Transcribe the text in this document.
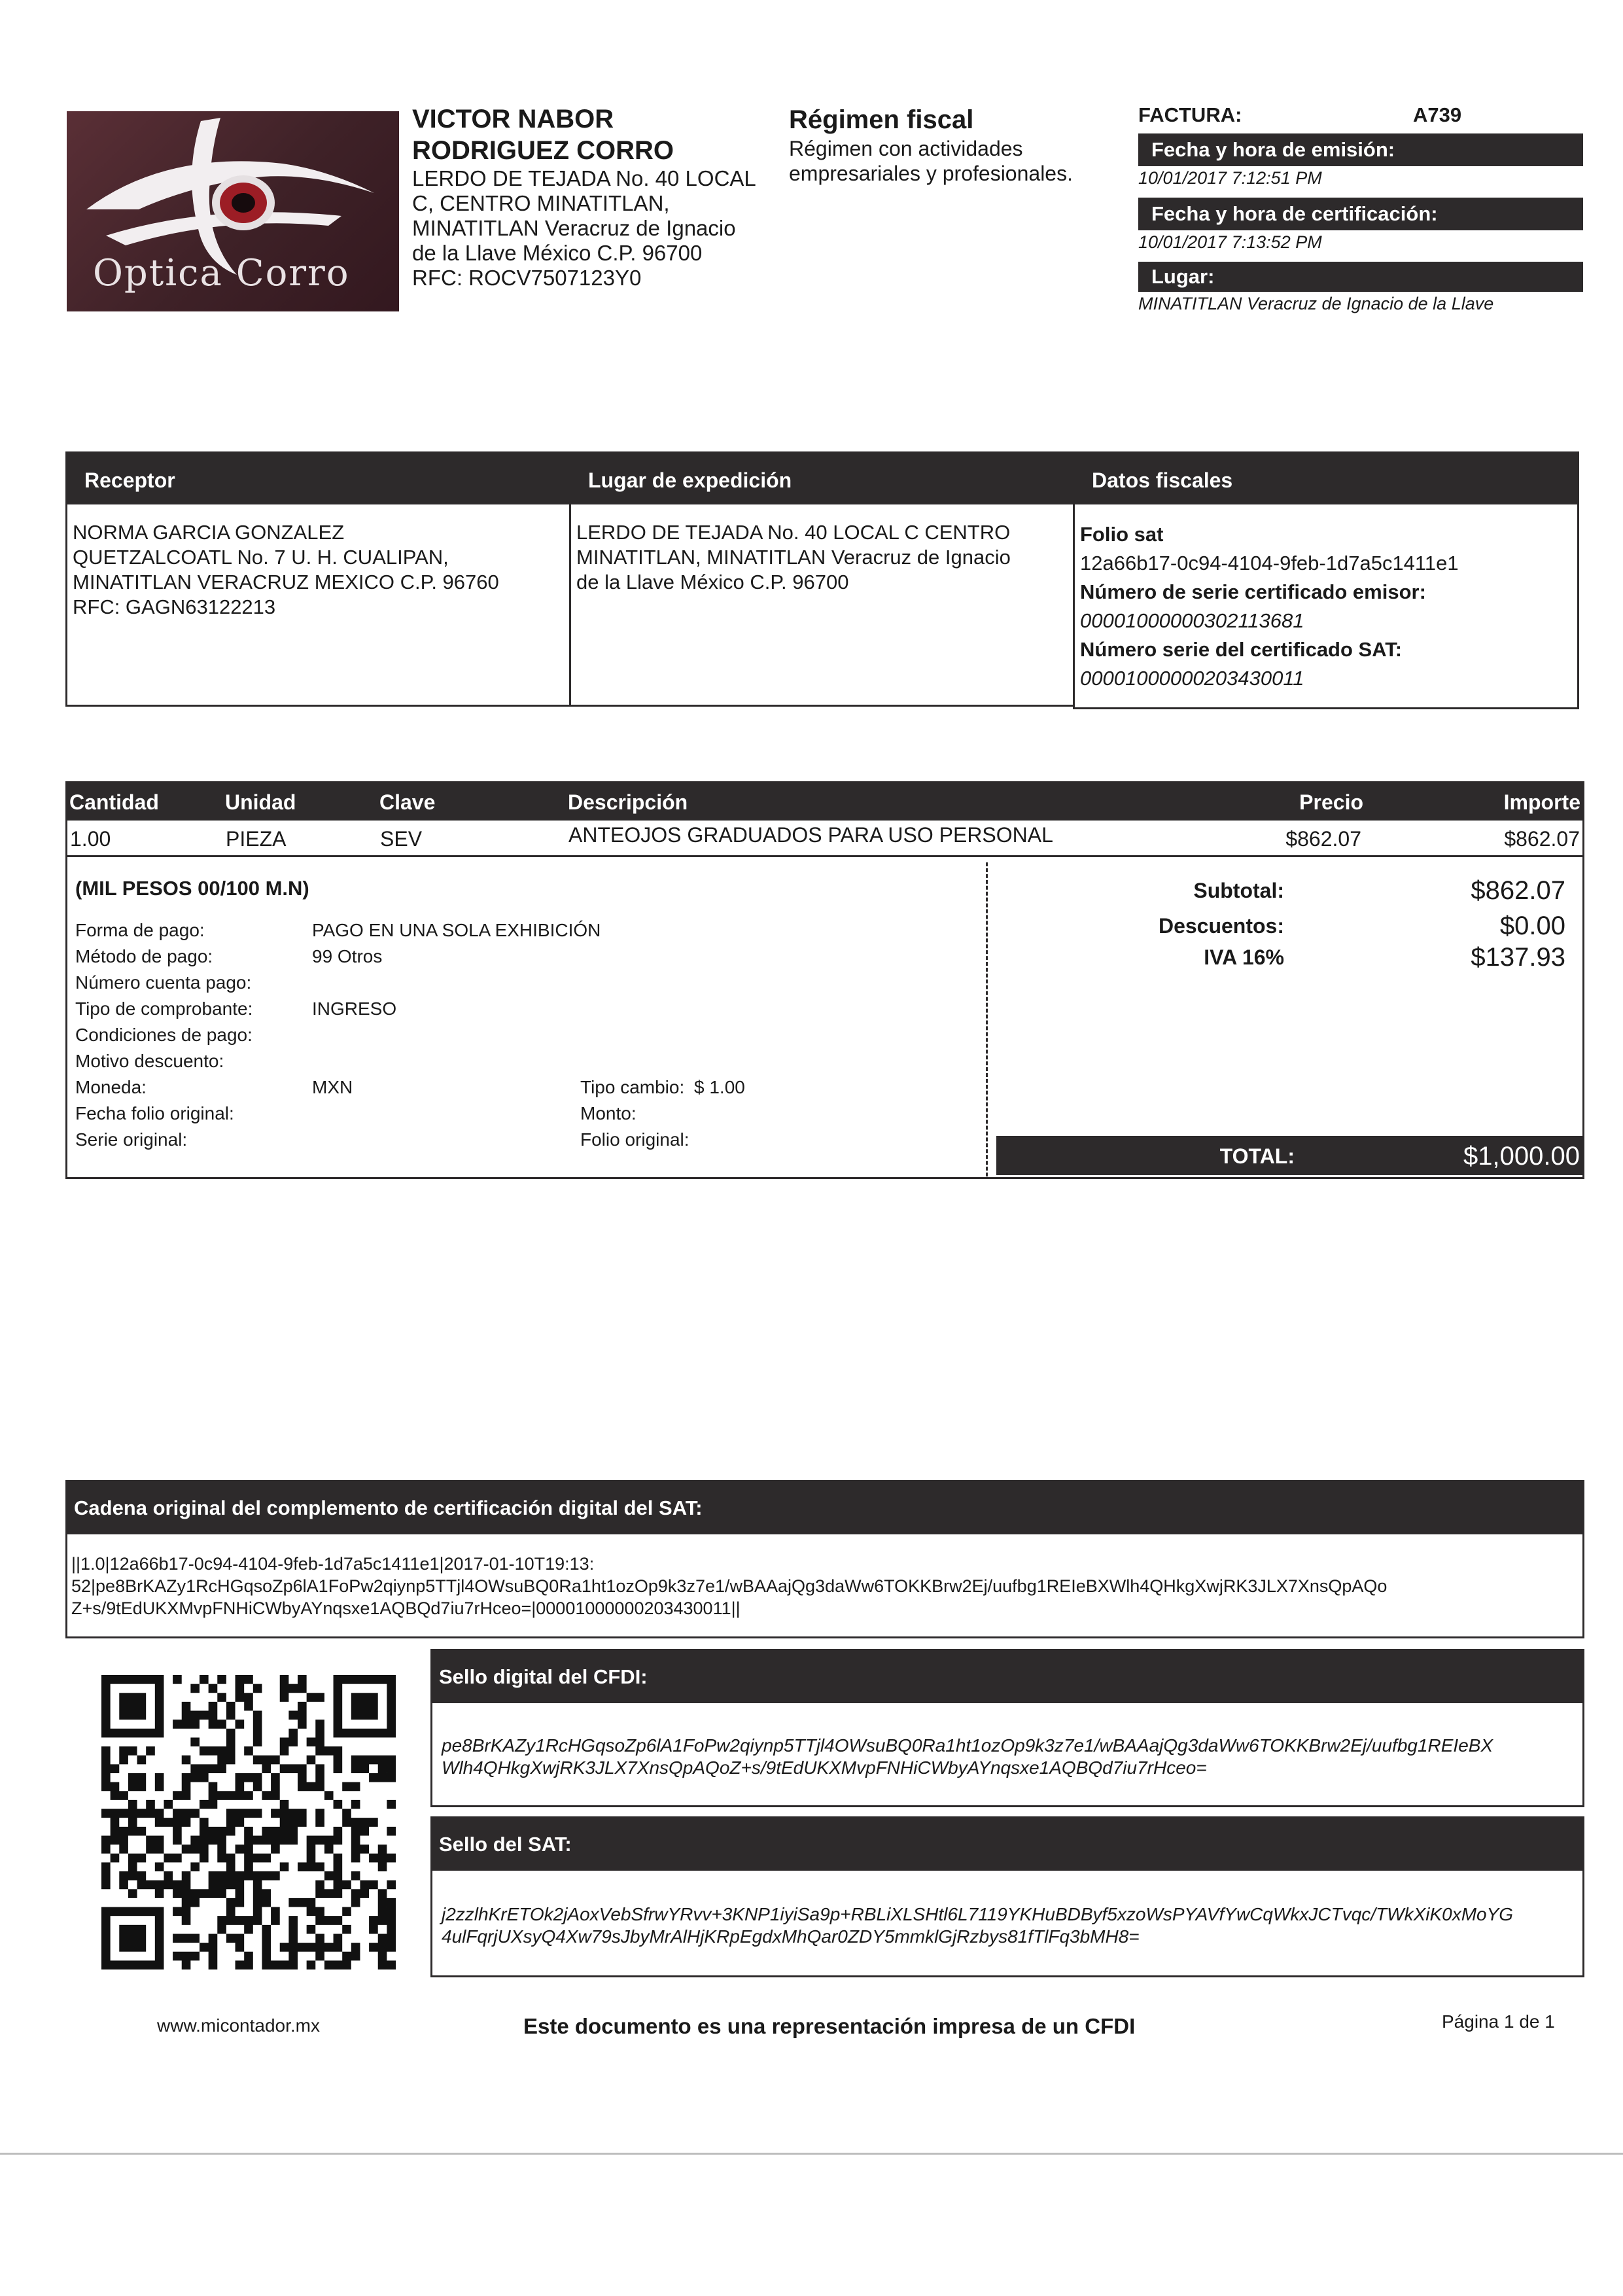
Optica Corro
VICTOR NABOR
RODRIGUEZ CORRO
LERDO DE TEJADA No. 40 LOCAL
C, CENTRO MINATITLAN,
MINATITLAN Veracruz de Ignacio
de la Llave México C.P. 96700
RFC: ROCV7507123Y0
Régimen fiscal
Régimen con actividades
empresariales y profesionales.
FACTURA:	A739
Fecha y hora de emisión:
10/01/2017 7:12:51 PM
Fecha y hora de certificación:
10/01/2017 7:13:52 PM
Lugar:
MINATITLAN Veracruz de Ignacio de la Llave
Receptor
NORMA GARCIA GONZALEZ
QUETZALCOATL No. 7 U. H. CUALIPAN,
MINATITLAN VERACRUZ MEXICO C.P. 96760
RFC: GAGN63122213
Lugar de expedición
LERDO DE TEJADA No. 40 LOCAL C CENTRO
MINATITLAN, MINATITLAN Veracruz de Ignacio
de la Llave México C.P. 96700
Datos fiscales
Folio sat
12a66b17-0c94-4104-9feb-1d7a5c1411e1
Número de serie certificado emisor:
00001000000302113681
Número serie del certificado SAT:
00001000000203430011
Cantidad	Unidad	Clave	Descripción	Precio	Importe
1.00	PIEZA	SEV	ANTEOJOS GRADUADOS PARA USO PERSONAL	$862.07	$862.07
(MIL PESOS 00/100 M.N)
Forma de pago:	PAGO EN UNA SOLA EXHIBICIÓN
Método de pago:	99 Otros
Número cuenta pago:
Tipo de comprobante:	INGRESO
Condiciones de pago:
Motivo descuento:
Moneda:	MXN	Tipo cambio: $ 1.00
Fecha folio original:	Monto:
Serie original:	Folio original:
Subtotal:	$862.07
Descuentos:	$0.00
IVA 16%	$137.93
TOTAL:	$1,000.00
Cadena original del complemento de certificación digital del SAT:
||1.0|12a66b17-0c94-4104-9feb-1d7a5c1411e1|2017-01-10T19:13:
52|pe8BrKAZy1RcHGqsoZp6lA1FoPw2qiynp5TTjl4OWsuBQ0Ra1ht1ozOp9k3z7e1/wBAAajQg3daWw6TOKKBrw2Ej/uufbg1REIeBXWlh4QHkgXwjRK3JLX7XnsQpAQo
Z+s/9tEdUKXMvpFNHiCWbyAYnqsxe1AQBQd7iu7rHceo=|00001000000203430011||
Sello digital del CFDI:
pe8BrKAZy1RcHGqsoZp6lA1FoPw2qiynp5TTjl4OWsuBQ0Ra1ht1ozOp9k3z7e1/wBAAajQg3daWw6TOKKBrw2Ej/uufbg1REIeBX
Wlh4QHkgXwjRK3JLX7XnsQpAQoZ+s/9tEdUKXMvpFNHiCWbyAYnqsxe1AQBQd7iu7rHceo=
Sello del SAT:
j2zzlhKrETOk2jAoxVebSfrwYRvv+3KNP1iyiSa9p+RBLiXLSHtl6L7119YKHuBDByf5xzoWsPYAVfYwCqWkxJCTvqc/TWkXiK0xMoYG
4ulFqrjUXsyQ4Xw79sJbyMrAlHjKRpEgdxMhQar0ZDY5mmklGjRzbys81fTlFq3bMH8=
www.micontador.mx	Este documento es una representación impresa de un CFDI	Página 1 de 1
